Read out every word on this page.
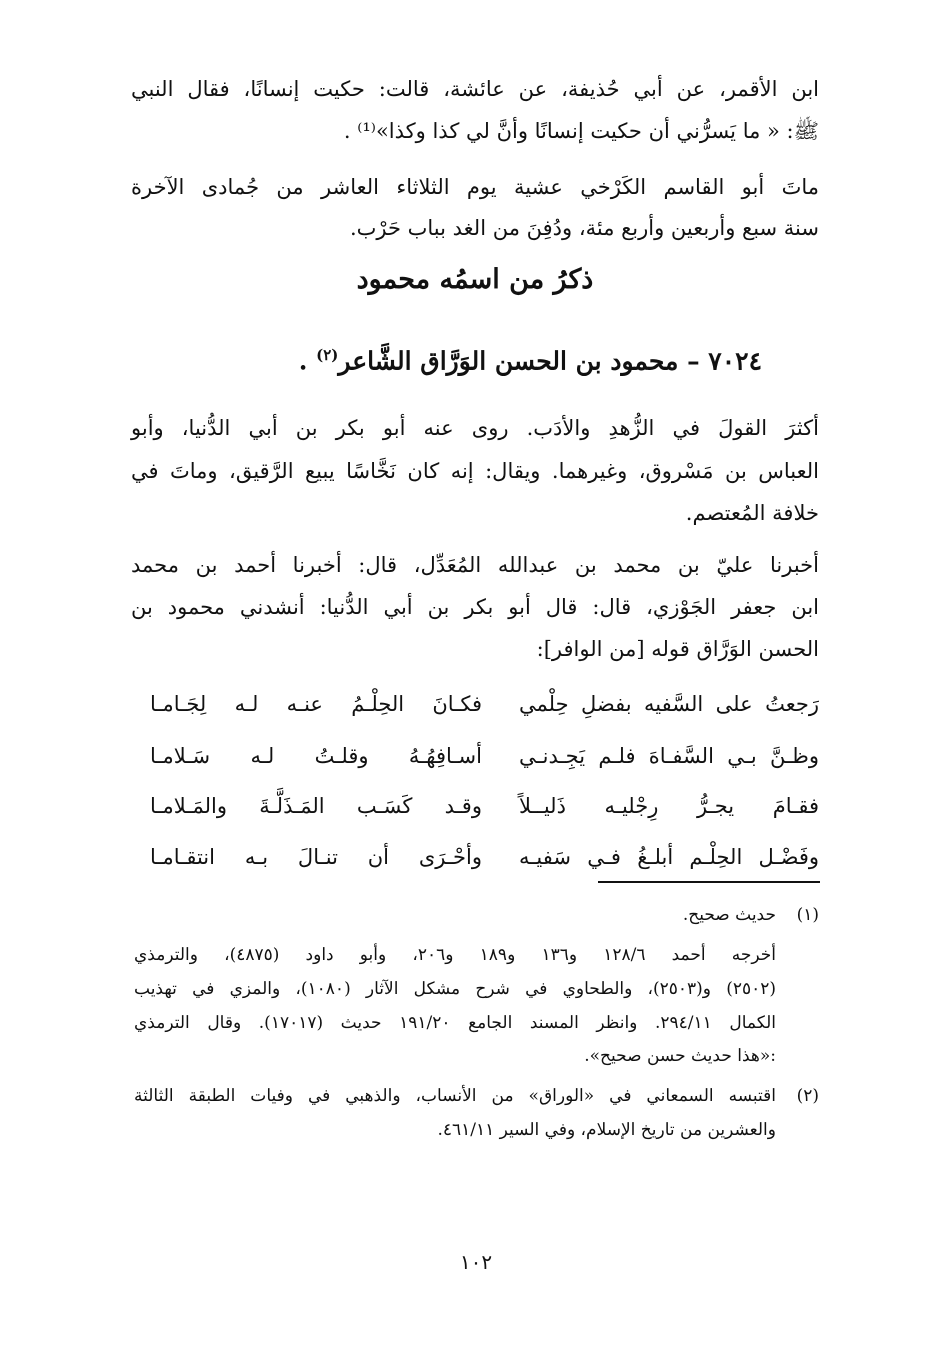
ابن الأقمر، عن أبي حُذيفة، عن عائشة، قالت: حكيت إنسانًا، فقال النبي
ﷺ: « ما يَسرُّني أن حكيت إنسانًا وأنَّ لي كذا وكذا»⁽¹⁾ .
ماتَ أبو القاسم الكَرْخي عشية يوم الثلاثاء العاشر من جُمادى الآخرة
سنة سبع وأربعين وأربع مئة، ودُفِنَ من الغد بباب حَرْب.
ذكرُ من اسمُه محمود
٧٠٢٤ – محمود بن الحسن الوَرَّاق الشَّاعر$^{(٢)}$ .
أكثرَ القولَ في الزُّهدِ والأدَب. روى عنه أبو بكر بن أبي الدُّنيا، وأبو
العباس بن مَسْروق، وغيرهما. ويقال: إنه كان نَخَّاسًا يبيع الرَّقيق، وماتَ في
خلافة المُعتصم.
أخبرنا عليّ بن محمد بن عبدالله المُعَدِّل، قال: أخبرنا أحمد بن محمد
ابن جعفر الجَوْزي، قال: قال أبو بكر بن أبي الدُّنيا: أنشدني محمود بن
الحسن الوَرَّاق قوله [من الوافر]:
رَجعتُ على السَّفيه بفضلِ حِلْمي
فكـانَ الحِلْـمُ عنـه لـه لِجَـامـا
وظـنَّ بـي السَّفـاهَ فلـم يَجِـدنـي
أسـافِهُـهُ وقلـتُ لـه سَـلامـا
فقـامَ يجـرُّ رِجْليـه ذَليــلاً
وقـد كَسَـب المَـذَلَّـةَ والمَـلامـا
وفَضْـل الحِلْـم أبلـغُ فـي سَفيـه
وأحْـرَى أن تنـالَ بـه انتقـامـا
(١)
حديث صحيح.
أخرجه أحمد ١٢٨/٦ و١٣٦ و١٨٩ و٢٠٦، وأبو داود (٤٨٧٥)، والترمذي
(٢٥٠٢) و(٢٥٠٣)، والطحاوي في شرح مشكل الآثار (١٠٨٠)، والمزي في تهذيب
الكمال ٢٩٤/١١. وانظر المسند الجامع ١٩١/٢٠ حديث (١٧٠١٧). وقال الترمذي
:«هذا حديث حسن صحيح».
(٢)
اقتبسه السمعاني في «الوراق» من الأنساب، والذهبي في وفيات الطبقة الثالثة
والعشرين من تاريخ الإسلام، وفي السير ٤٦١/١١.
١٠٢
